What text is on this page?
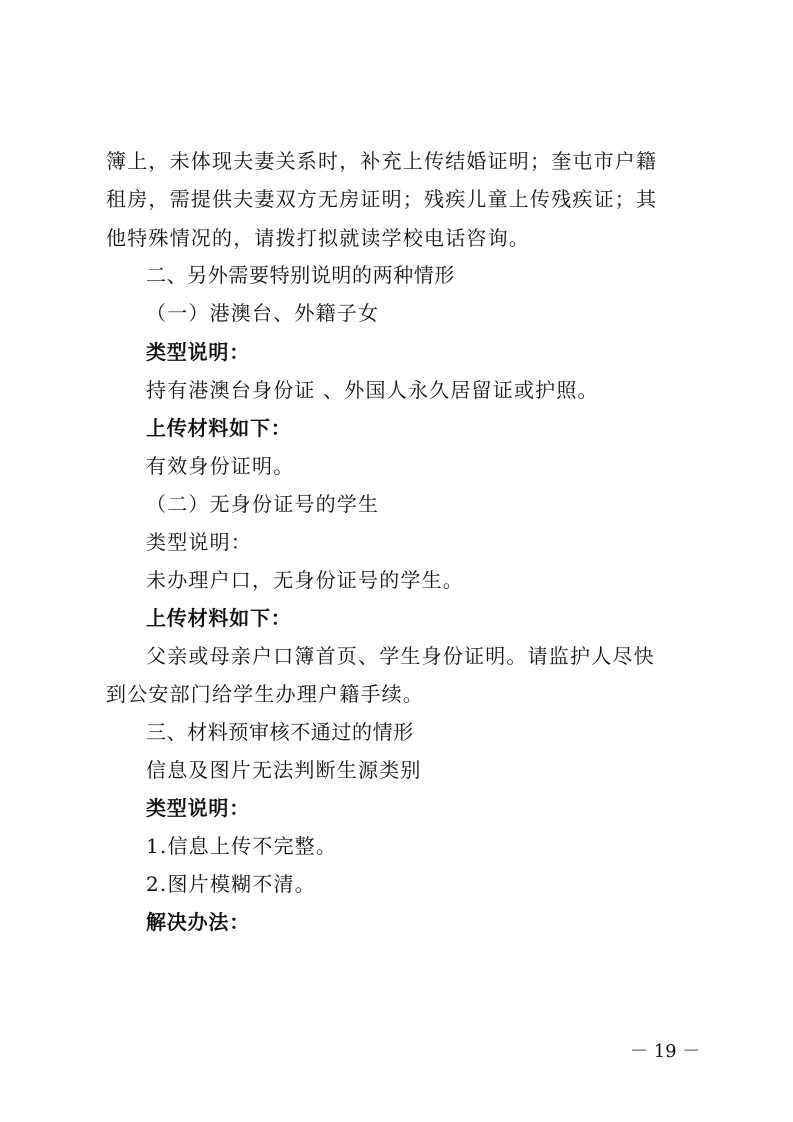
簿上，未体现夫妻关系时，补充上传结婚证明；奎屯市户籍
租房，需提供夫妻双方无房证明；残疾儿童上传残疾证；其
他特殊情况的，请拨打拟就读学校电话咨询。
二、另外需要特别说明的两种情形
（一）港澳台、外籍子女
类型说明：
持有港澳台身份证 、外国人永久居留证或护照。
上传材料如下：
有效身份证明。
（二）无身份证号的学生
类型说明：
未办理户口，无身份证号的学生。
上传材料如下：
父亲或母亲户口簿首页、学生身份证明。请监护人尽快
到公安部门给学生办理户籍手续。
三、材料预审核不通过的情形
信息及图片无法判断生源类别
类型说明：
1.信息上传不完整。
2.图片模糊不清。
解决办法：
－ 19 －
